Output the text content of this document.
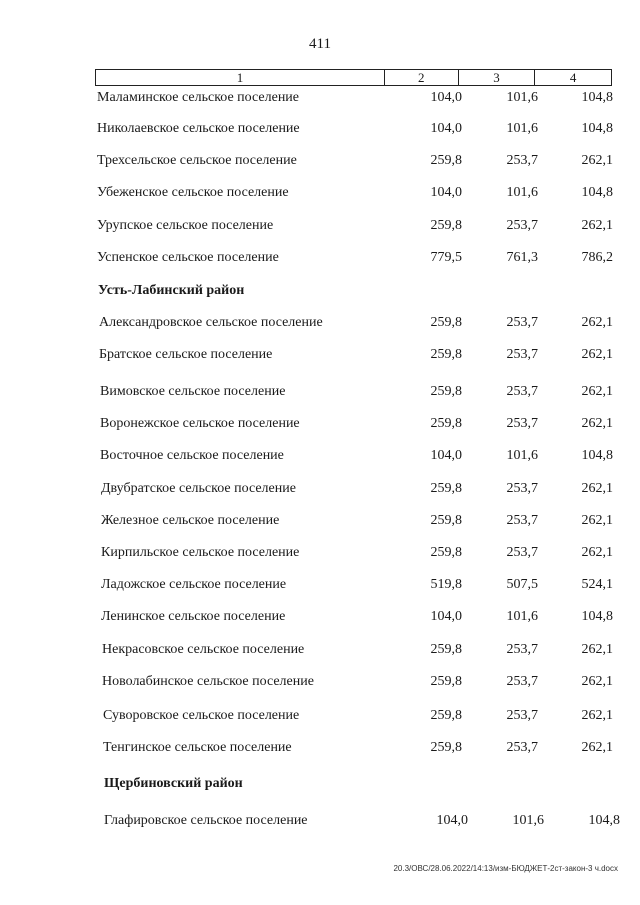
411
1	2	3	4
Маламинское сельское поселение	104,0	101,6	104,8
Николаевское сельское поселение	104,0	101,6	104,8
Трехсельское сельское поселение	259,8	253,7	262,1
Убеженское сельское поселение	104,0	101,6	104,8
Урупское сельское поселение	259,8	253,7	262,1
Успенское сельское поселение	779,5	761,3	786,2
Усть-Лабинский район
Александровское сельское поселение	259,8	253,7	262,1
Братское сельское поселение	259,8	253,7	262,1
Вимовское сельское поселение	259,8	253,7	262,1
Воронежское сельское поселение	259,8	253,7	262,1
Восточное сельское поселение	104,0	101,6	104,8
Двубратское сельское поселение	259,8	253,7	262,1
Железное сельское поселение	259,8	253,7	262,1
Кирпильское сельское поселение	259,8	253,7	262,1
Ладожское сельское поселение	519,8	507,5	524,1
Ленинское сельское поселение	104,0	101,6	104,8
Некрасовское сельское поселение	259,8	253,7	262,1
Новолабинское сельское поселение	259,8	253,7	262,1
Суворовское сельское поселение	259,8	253,7	262,1
Тенгинское сельское поселение	259,8	253,7	262,1
Щербиновский район
Глафировское сельское поселение	104,0	101,6	104,8
20.3/ОВС/28.06.2022/14:13/изм-БЮДЖЕТ-2ст-закон-3 ч.docx
